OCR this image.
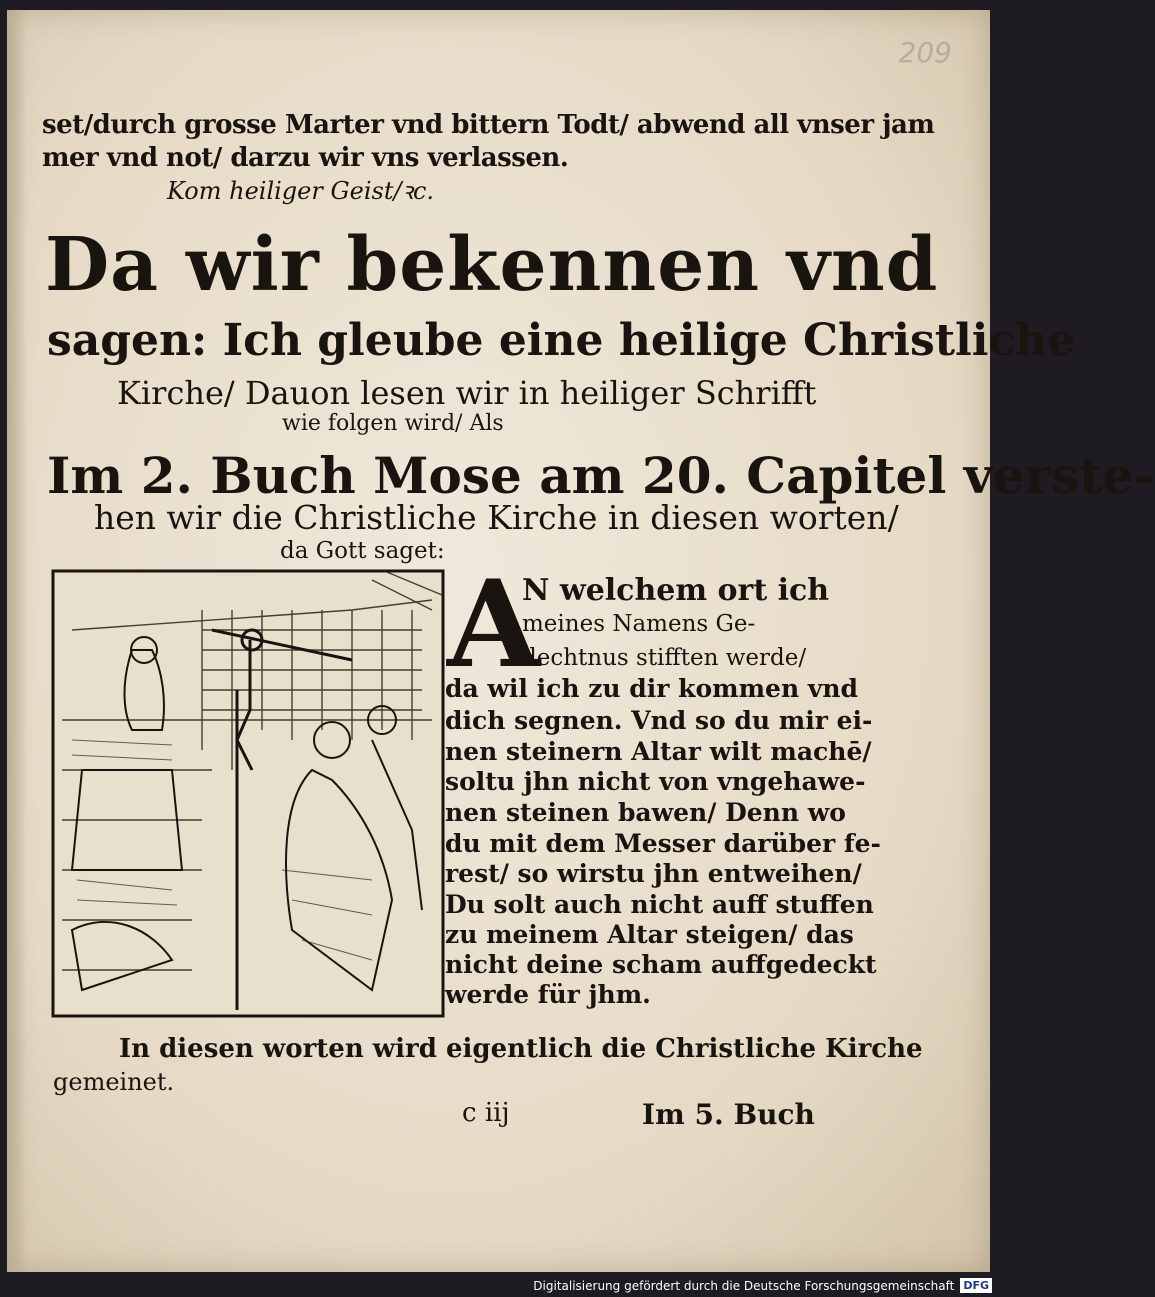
209

set/durch grosse Marter vnd bittern Todt/ abwend all vnser jam

mer vnd not/ darzu wir vns verlassen.

Kom heiliger Geist/ꝛc.

Da wir bekennen vnd

sagen: Ich gleube eine heilige Christliche

Kirche/ Dauon lesen wir in heiliger Schrifft

wie folgen wird/ Als

Im 2. Buch Mose am 20. Capitel verste-

hen wir die Christliche Kirche in diesen worten/

da Gott saget:

A

N welchem ort ich

meines Namens Ge-

dechtnus stifften werde/

da wil ich zu dir kommen vnd

dich segnen. Vnd so du mir ei-

nen steinern Altar wilt machē/

soltu jhn nicht von vngehawe-

nen steinen bawen/ Denn wo

du mit dem Messer darüber fe-

rest/ so wirstu jhn entweihen/

Du solt auch nicht auff stuffen

zu meinem Altar steigen/ das

nicht deine scham auffgedeckt

werde für jhm.

In diesen worten wird eigentlich die Christliche Kirche

gemeinet.

c iij	Im 5. Buch

Digitalisierung gefördert durch die Deutsche Forschungsgemeinschaft DFG
